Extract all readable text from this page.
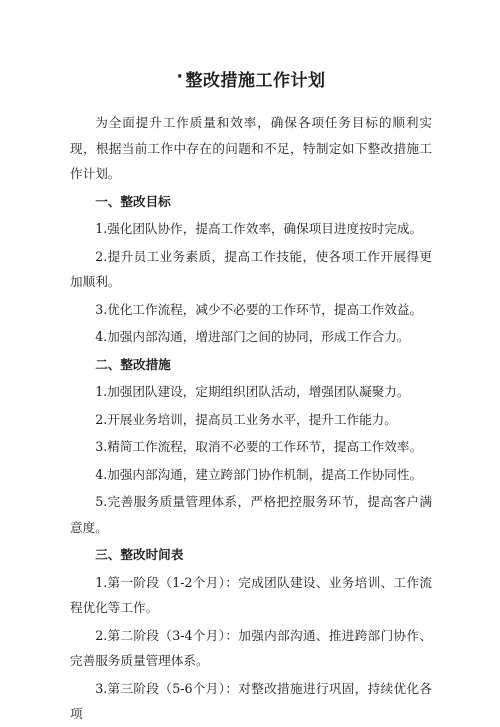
· 整改措施工作计划

为全面提升工作质量和效率，确保各项任务目标的顺利实现，根据当前工作中存在的问题和不足，特制定如下整改措施工作计划。

一、整改目标

1.强化团队协作，提高工作效率，确保项目进度按时完成。

2.提升员工业务素质，提高工作技能，使各项工作开展得更加顺利。

3.优化工作流程，减少不必要的工作环节，提高工作效益。

4.加强内部沟通，增进部门之间的协同，形成工作合力。

二、整改措施

1.加强团队建设，定期组织团队活动，增强团队凝聚力。

2.开展业务培训，提高员工业务水平，提升工作能力。

3.精简工作流程，取消不必要的工作环节，提高工作效率。

4.加强内部沟通，建立跨部门协作机制，提高工作协同性。

5.完善服务质量管理体系，严格把控服务环节，提高客户满意度。

三、整改时间表

1.第一阶段（1-2个月）：完成团队建设、业务培训、工作流程优化等工作。

2.第二阶段（3-4个月）：加强内部沟通、推进跨部门协作、完善服务质量管理体系。

3.第三阶段（5-6个月）：对整改措施进行巩固，持续优化各项
